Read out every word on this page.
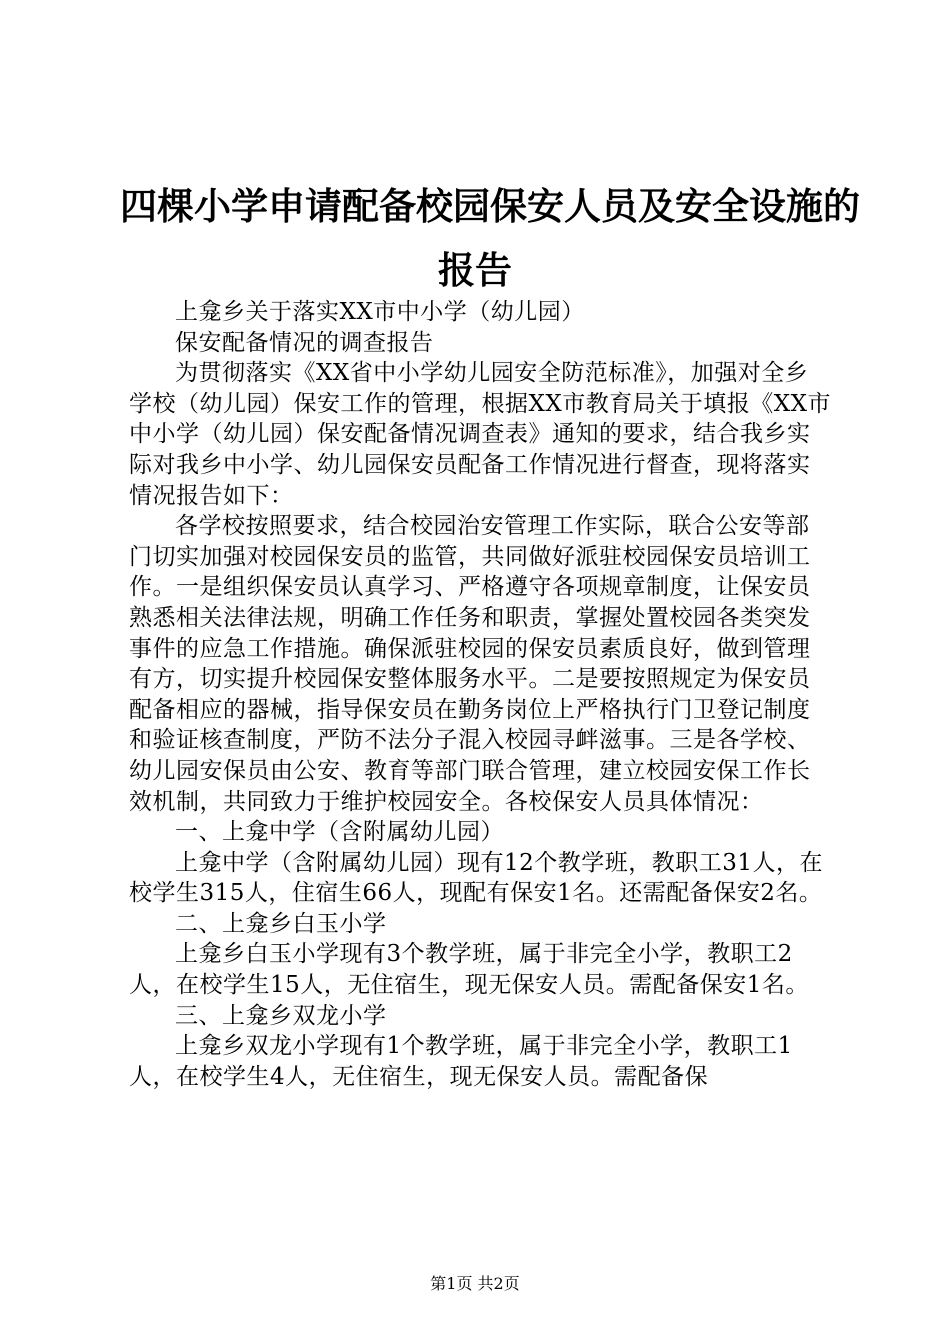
四棵小学申请配备校园保安人员及安全设施的
报告

上龛乡关于落实XX市中小学（幼儿园）

保安配备情况的调查报告

为贯彻落实《XX省中小学幼儿园安全防范标准》，加强对全乡学校（幼儿园）保安工作的管理，根据XX市教育局关于填报《XX市中小学（幼儿园）保安配备情况调查表》通知的要求，结合我乡实际对我乡中小学、幼儿园保安员配备工作情况进行督查，现将落实情况报告如下：

各学校按照要求，结合校园治安管理工作实际，联合公安等部门切实加强对校园保安员的监管，共同做好派驻校园保安员培训工作。一是组织保安员认真学习、严格遵守各项规章制度，让保安员熟悉相关法律法规，明确工作任务和职责，掌握处置校园各类突发事件的应急工作措施。确保派驻校园的保安员素质良好，做到管理有方，切实提升校园保安整体服务水平。二是要按照规定为保安员配备相应的器械，指导保安员在勤务岗位上严格执行门卫登记制度和验证核查制度，严防不法分子混入校园寻衅滋事。三是各学校、幼儿园安保员由公安、教育等部门联合管理，建立校园安保工作长效机制，共同致力于维护校园安全。各校保安人员具体情况：

一、上龛中学（含附属幼儿园）

上龛中学（含附属幼儿园）现有12个教学班，教职工31人，在校学生315人，住宿生66人，现配有保安1名。还需配备保安2名。

二、上龛乡白玉小学

上龛乡白玉小学现有3个教学班，属于非完全小学，教职工2人，在校学生15人，无住宿生，现无保安人员。需配备保安1名。

三、上龛乡双龙小学

上龛乡双龙小学现有1个教学班，属于非完全小学，教职工1人，在校学生4人，无住宿生，现无保安人员。需配备保

第1页 共2页
